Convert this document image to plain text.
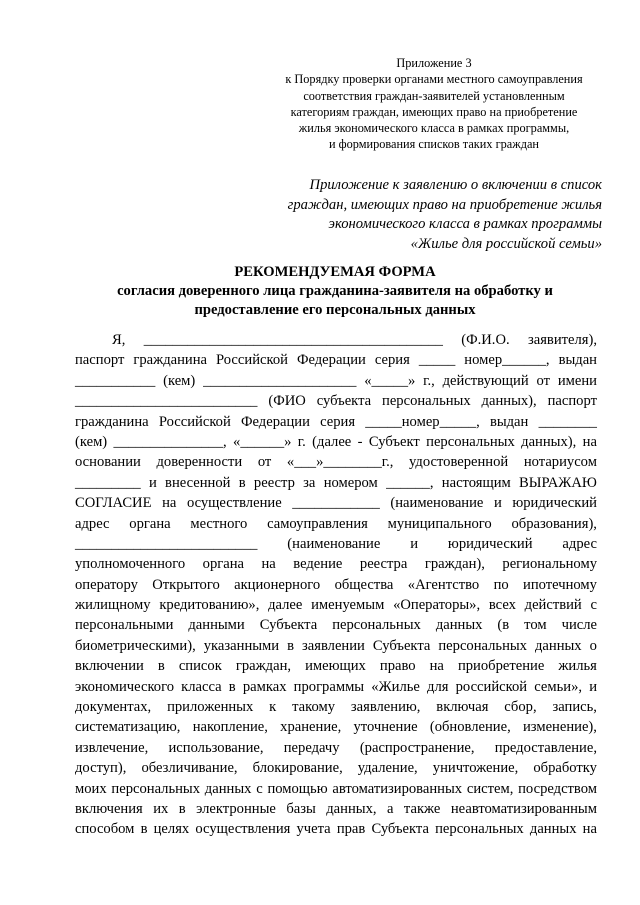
Приложение 3
к Порядку проверки органами местного самоуправления
соответствия граждан-заявителей установленным
категориям граждан, имеющих право на приобретение
жилья экономического класса в рамках программы,
и формирования списков таких граждан
Приложение к заявлению о включении в список
граждан, имеющих право на приобретение жилья
экономического класса в рамках программы
«Жилье для российской семьи»
РЕКОМЕНДУЕМАЯ ФОРМА
согласия доверенного лица гражданина-заявителя на обработку и
предоставление его персональных данных
Я, _________________________________________ (Ф.И.О. заявителя),
паспорт гражданина Российской Федерации серия _____ номер______, выдан
___________ (кем) _____________________ «_____» г., действующий от имени
_________________________ (ФИО субъекта персональных данных), паспорт
гражданина Российской Федерации серия _____номер_____, выдан ________
(кем) _______________, «______» г. (далее - Субъект персональных данных), на
основании доверенности от «___»________г., удостоверенной нотариусом
_________ и внесенной в реестр за номером ______, настоящим ВЫРАЖАЮ
СОГЛАСИЕ на осуществление ____________ (наименование и юридический
адрес органа местного самоуправления муниципального образования),
_________________________ (наименование и юридический адрес
уполномоченного органа на ведение реестра граждан), региональному
оператору Открытого акционерного общества «Агентство по ипотечному
жилищному кредитованию», далее именуемым «Операторы», всех действий с
персональными данными Субъекта персональных данных (в том числе
биометрическими), указанными в заявлении Субъекта персональных данных о
включении в список граждан, имеющих право на приобретение жилья
экономического класса в рамках программы «Жилье для российской семьи», и
документах, приложенных к такому заявлению, включая сбор, запись,
систематизацию, накопление, хранение, уточнение (обновление, изменение),
извлечение, использование, передачу (распространение, предоставление,
доступ), обезличивание, блокирование, удаление, уничтожение, обработку
моих персональных данных с помощью автоматизированных систем, посредством
включения их в электронные базы данных, а также неавтоматизированным
способом в целях осуществления учета прав Субъекта персональных данных на
